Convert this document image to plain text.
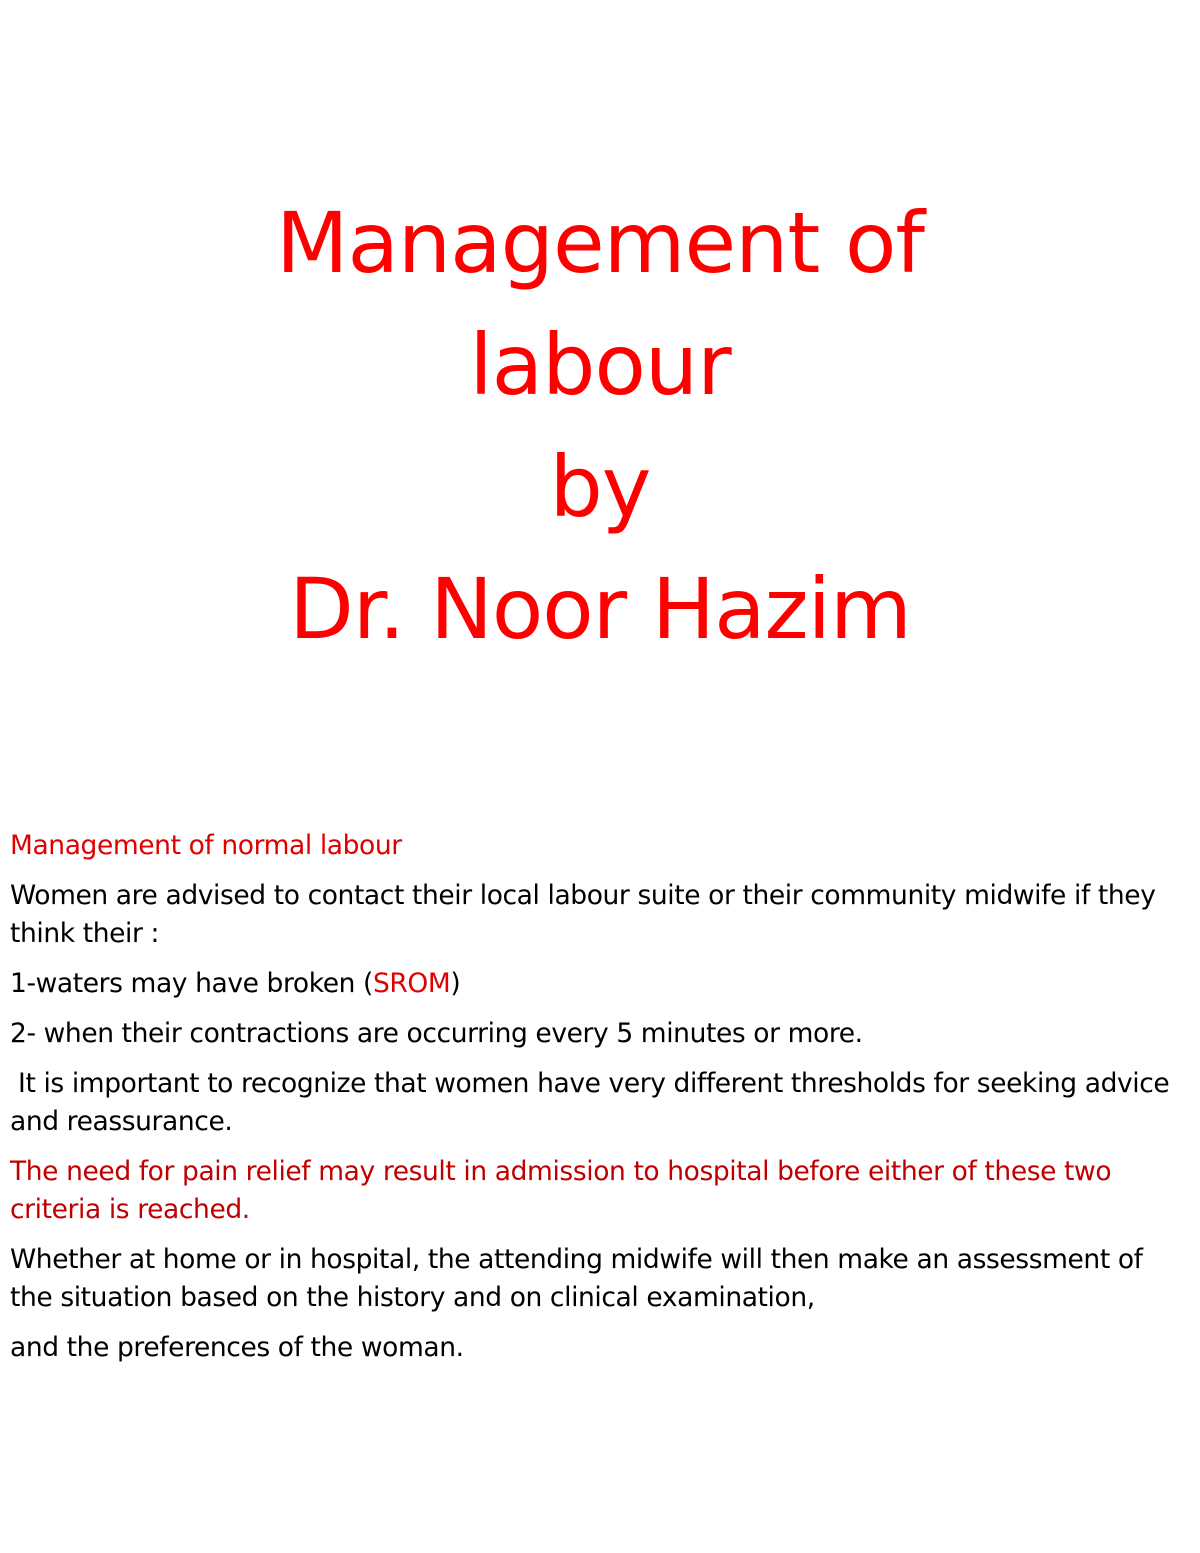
Management of
labour
by
Dr. Noor Hazim
Management of normal labour
Women are advised to contact their local labour suite or their community midwife if they think their :
1-waters may have broken (SROM)
2- when their contractions are occurring every 5 minutes or more.
It is important to recognize that women have very different thresholds for seeking advice and reassurance.
The need for pain relief may result in admission to hospital before either of these two criteria is reached.
Whether at home or in hospital, the attending midwife will then make an assessment of the situation based on the history and on clinical examination,
and the preferences of the woman.
